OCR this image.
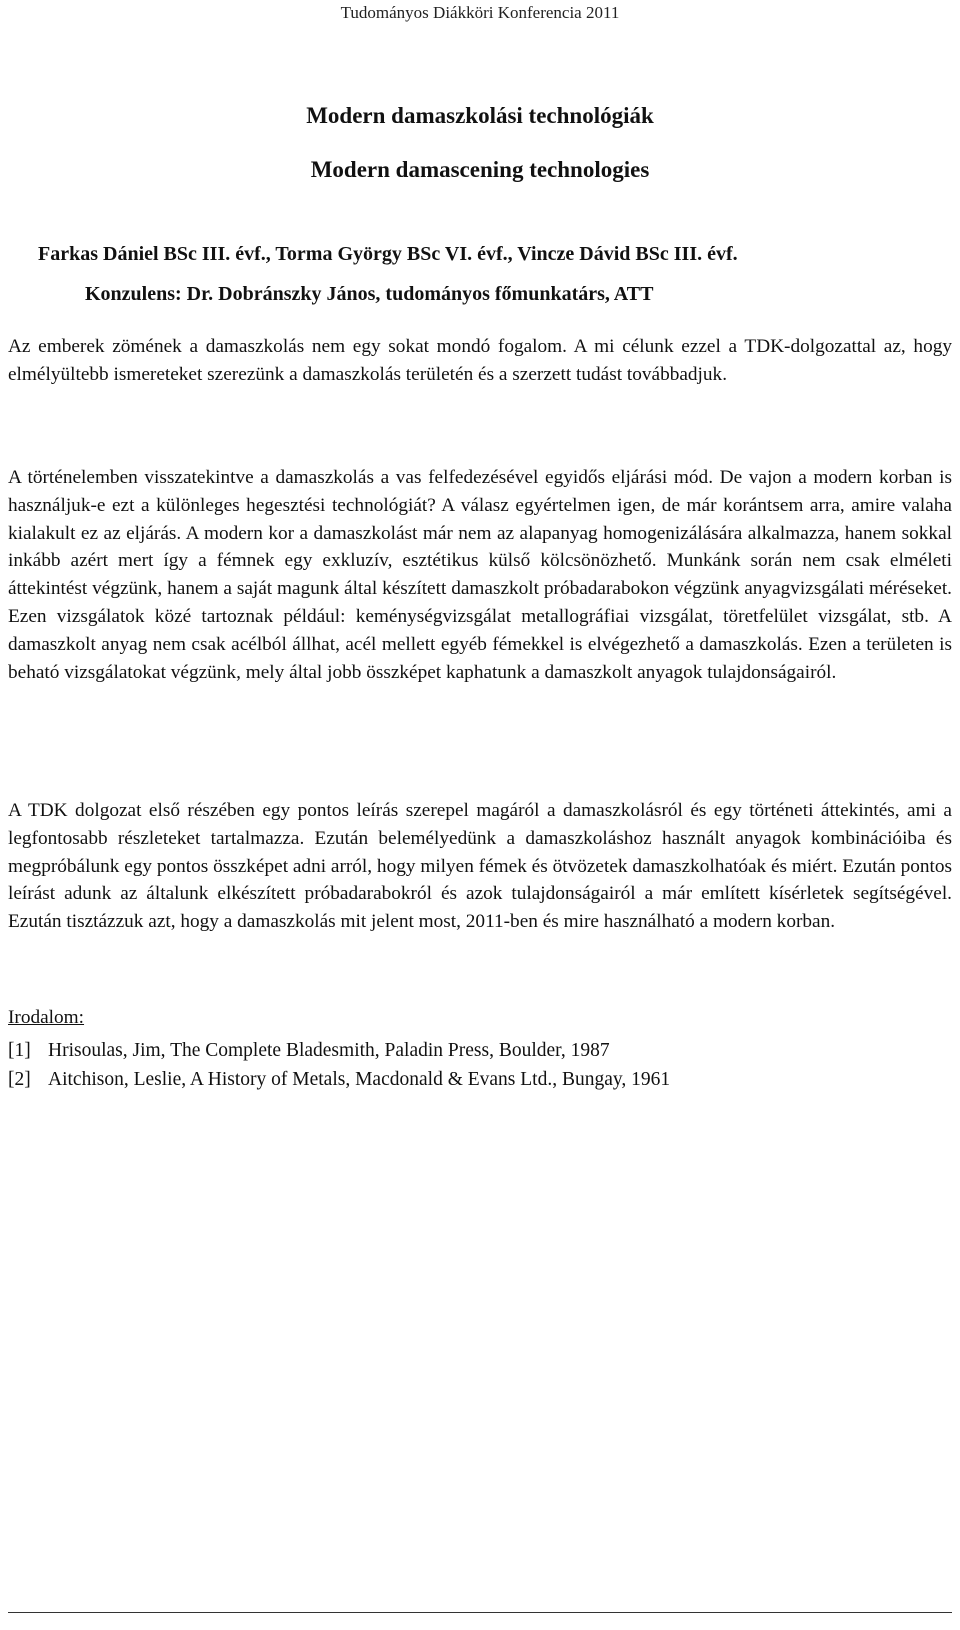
Tudományos Diákköri Konferencia 2011
Modern damaszkolási technológiák
Modern damascening technologies
Farkas Dániel BSc III. évf., Torma György BSc VI. évf., Vincze Dávid BSc III. évf.
Konzulens: Dr. Dobránszky János, tudományos főmunkatárs, ATT

Az emberek zömének a damaszkolás nem egy sokat mondó fogalom. A mi célunk ezzel a TDK-dolgozattal az, hogy elmélyültebb ismereteket szerezünk a damaszkolás területén és a szerzett tudást továbbadjuk.

A történelemben visszatekintve a damaszkolás a vas felfedezésével egyidős eljárási mód. De vajon a modern korban is használjuk-e ezt a különleges hegesztési technológiát? A válasz egyértelmen igen, de már korántsem arra, amire valaha kialakult ez az eljárás. A modern kor a damaszkolást már nem az alapanyag homogenizálására alkalmazza, hanem sokkal inkább azért mert így a fémnek egy exkluzív, esztétikus külső kölcsönözhető. Munkánk során nem csak elméleti áttekintést végzünk, hanem a saját magunk által készített damaszkolt próbadarabokon végzünk anyagvizsgálati méréseket. Ezen vizsgálatok közé tartoznak például: keménységvizsgálat metallográfiai vizsgálat, töretfelület vizsgálat, stb. A damaszkolt anyag nem csak acélból állhat, acél mellett egyéb fémekkel is elvégezhető a damaszkolás. Ezen a területen is beható vizsgálatokat végzünk, mely által jobb összképet kaphatunk a damaszkolt anyagok tulajdonságairól.

A TDK dolgozat első részében egy pontos leírás szerepel magáról a damaszkolásról és egy történeti áttekintés, ami a legfontosabb részleteket tartalmazza. Ezután belemélyedünk a damaszkoláshoz használt anyagok kombinációiba és megpróbálunk egy pontos összképet adni arról, hogy milyen fémek és ötvözetek damaszkolhatóak és miért. Ezután pontos leírást adunk az általunk elkészített próbadarabokról és azok tulajdonságairól a már említett kísérletek segítségével. Ezután tisztázzuk azt, hogy a damaszkolás mit jelent most, 2011-ben és mire használható a modern korban.

Irodalom:
[1] Hrisoulas, Jim, The Complete Bladesmith, Paladin Press, Boulder, 1987
[2] Aitchison, Leslie, A History of Metals, Macdonald & Evans Ltd., Bungay, 1961
